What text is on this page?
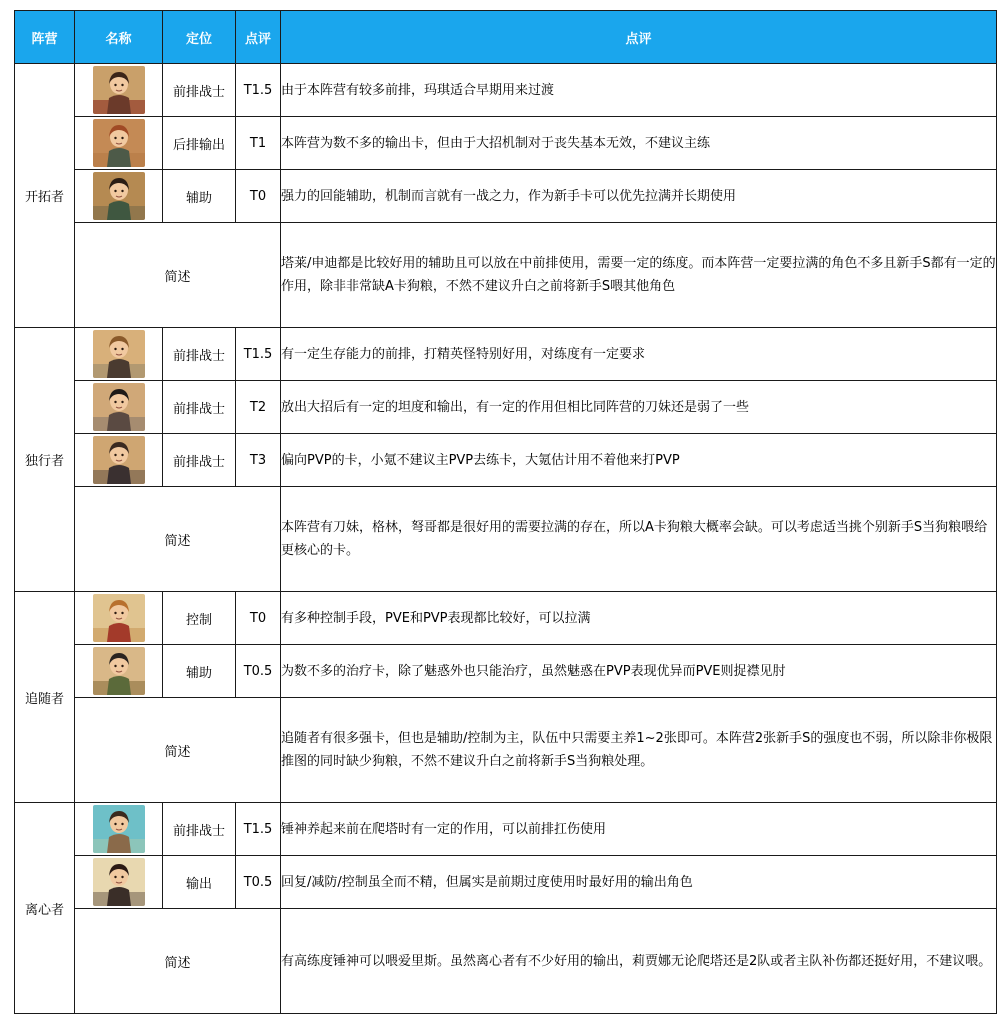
阵营	名称	定位	点评	点评
开拓者		前排战士	T1.5	由于本阵营有较多前排，玛琪适合早期用来过渡

	后排输出	T1	本阵营为数不多的输出卡，但由于大招机制对于丧失基本无效，不建议主练

	辅助	T0	强力的回能辅助，机制而言就有一战之力，作为新手卡可以优先拉满并长期使用
	简述			塔莱/申迪都是比较好用的辅助且可以放在中前排使用，需要一定的练度。而本阵营一定要拉满的角色不多且新手S都有一定的作用，除非非常缺A卡狗粮，不然不建议升白之前将新手S喂其他角色
独行者		前排战士	T1.5	有一定生存能力的前排，打精英怪特别好用，对练度有一定要求

	前排战士	T2	放出大招后有一定的坦度和输出，有一定的作用但相比同阵营的刀妹还是弱了一些

	前排战士	T3	偏向PVP的卡，小氪不建议主PVP去练卡，大氪估计用不着他来打PVP
	简述			本阵营有刀妹，格林，弩哥都是很好用的需要拉满的存在，所以A卡狗粮大概率会缺。可以考虑适当挑个别新手S当狗粮喂给更核心的卡。
追随者		控制	T0	有多种控制手段，PVE和PVP表现都比较好，可以拉满

	辅助	T0.5	为数不多的治疗卡，除了魅惑外也只能治疗，虽然魅惑在PVP表现优异而PVE则捉襟见肘
	简述			追随者有很多强卡，但也是辅助/控制为主，队伍中只需要主养1~2张即可。本阵营2张新手S的强度也不弱，所以除非你极限推图的同时缺少狗粮，不然不建议升白之前将新手S当狗粮处理。
离心者		前排战士	T1.5	锤神养起来前在爬塔时有一定的作用，可以前排扛伤使用

	输出	T0.5	回复/减防/控制虽全而不精，但属实是前期过度使用时最好用的输出角色
	简述			有高练度锤神可以喂爱里斯。虽然离心者有不少好用的输出，莉贾娜无论爬塔还是2队或者主队补伤都还挺好用，不建议喂。
